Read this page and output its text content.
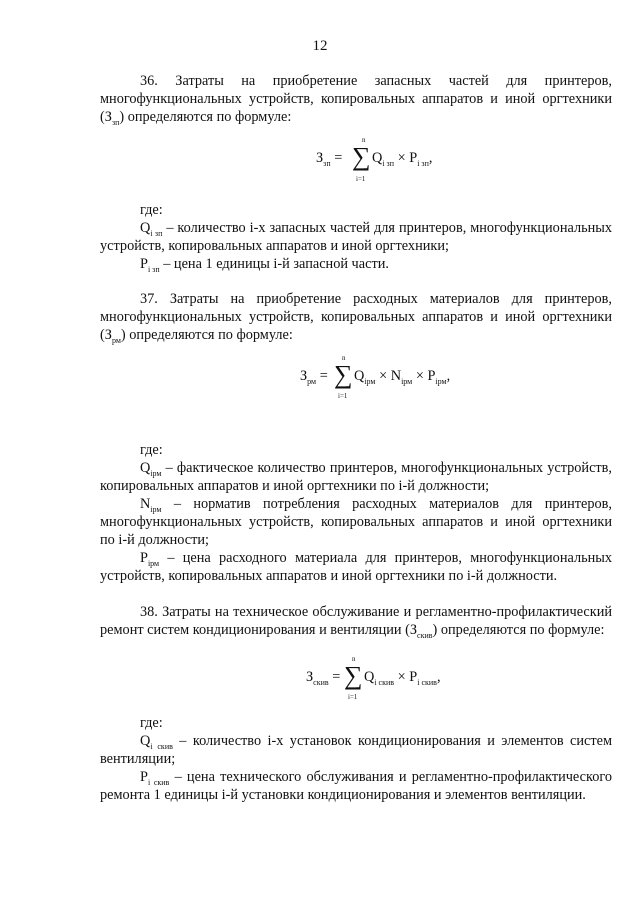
12
36. Затраты на приобретение запасных частей для принтеров,
многофункциональных устройств, копировальных аппаратов и иной оргтехники
$(З_{зп})$ определяются по формуле:
$З_{зп}$ =
n
∑
i=1
$Q_{i зп} \times P_{i зп}$,
где:
$Q_{i зп}$ – количество i-х запасных частей для принтеров, многофункциональных
устройств, копировальных аппаратов и иной оргтехники;
$P_{i зп}$ – цена 1 единицы i-й запасной части.
37. Затраты на приобретение расходных материалов для принтеров,
многофункциональных устройств, копировальных аппаратов и иной оргтехники
$(З_{рм})$ определяются по формуле:
$З_{рм}$ =
n
∑
i=1
$Q_{iрм} \times N_{iрм} \times P_{iрм}$,
где:
$Q_{iрм}$ – фактическое количество принтеров, многофункциональных устройств,
копировальных аппаратов и иной оргтехники по i-й должности;
$N_{iрм}$ – норматив потребления расходных материалов для принтеров,
многофункциональных устройств, копировальных аппаратов и иной оргтехники
по i-й должности;
$P_{iрм}$ – цена расходного материала для принтеров, многофункциональных
устройств, копировальных аппаратов и иной оргтехники по i-й должности.
38. Затраты на техническое обслуживание и регламентно-профилактический
ремонт систем кондиционирования и вентиляции $(З_{скив})$ определяются по формуле:
$З_{скив}$ =
n
∑
i=1
$Q_{i скив} \times P_{i скив}$,
где:
$Q_{i скив}$ – количество i-х установок кондиционирования и элементов систем
вентиляции;
$P_{i скив}$ – цена технического обслуживания и регламентно-профилактического
ремонта 1 единицы i-й установки кондиционирования и элементов вентиляции.
